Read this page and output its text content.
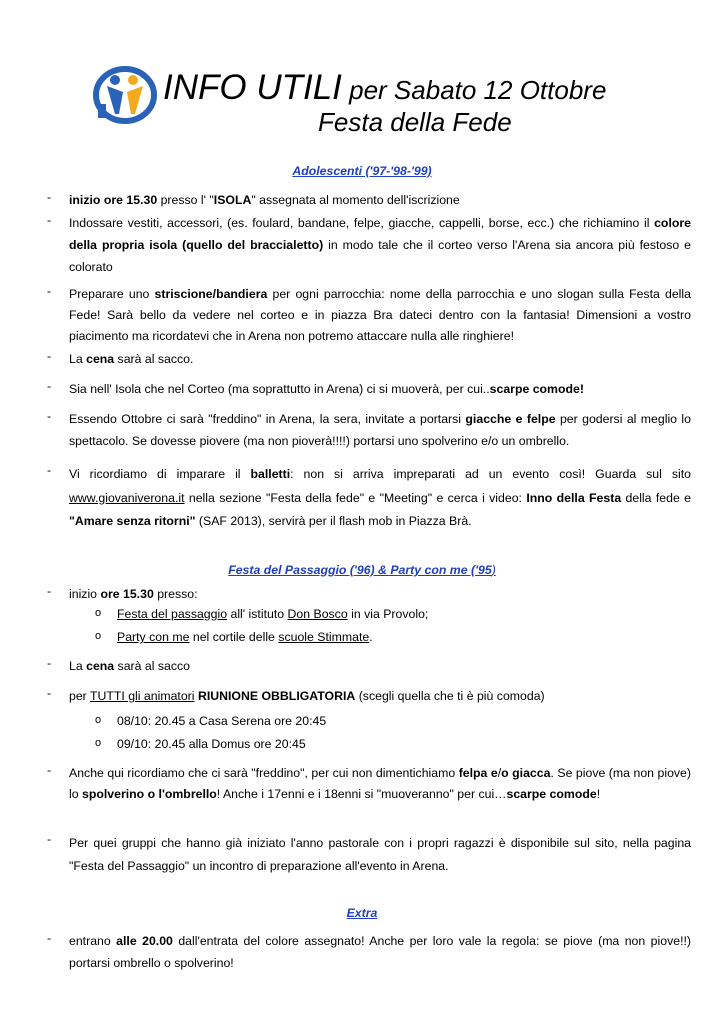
INFO UTILI per Sabato 12 Ottobre
Festa della Fede
Adolescenti ('97-'98-'99)
- inizio ore 15.30 presso l' "ISOLA" assegnata al momento dell'iscrizione
- Indossare vestiti, accessori, (es. foulard, bandane, felpe, giacche, cappelli, borse, ecc.) che richiamino il colore della propria isola (quello del braccialetto) in modo tale che il corteo verso l'Arena sia ancora più festoso e colorato
- Preparare uno striscione/bandiera per ogni parrocchia: nome della parrocchia e uno slogan sulla Festa della Fede! Sarà bello da vedere nel corteo e in piazza Bra dateci dentro con la fantasia! Dimensioni a vostro piacimento ma ricordatevi che in Arena non potremo attaccare nulla alle ringhiere!
- La cena sarà al sacco.
- Sia nell' Isola che nel Corteo (ma soprattutto in Arena) ci si muoverà, per cui..scarpe comode!
- Essendo Ottobre ci sarà "freddino" in Arena, la sera, invitate a portarsi giacche e felpe per godersi al meglio lo spettacolo. Se dovesse piovere (ma non pioverà!!!!) portarsi uno spolverino e/o un ombrello.
- Vi ricordiamo di imparare il balletti: non si arriva impreparati ad un evento così! Guarda sul sito www.giovaniverona.it nella sezione "Festa della fede" e "Meeting" e cerca i video: Inno della Festa della fede e "Amare senza ritorni" (SAF 2013), servirà per il flash mob in Piazza Brà.
Festa del Passaggio ('96) & Party con me ('95)
- inizio ore 15.30 presso:
o Festa del passaggio all' istituto Don Bosco in via Provolo;
o Party con me nel cortile delle scuole Stimmate.
- La cena sarà al sacco
- per TUTTI gli animatori RIUNIONE OBBLIGATORIA (scegli quella che ti è più comoda)
o 08/10: 20.45 a Casa Serena ore 20:45
o 09/10: 20.45 alla Domus ore 20:45
- Anche qui ricordiamo che ci sarà "freddino", per cui non dimentichiamo felpa e/o giacca. Se piove (ma non piove) lo spolverino o l'ombrello! Anche i 17enni e i 18enni si "muoveranno" per cui…scarpe comode!
- Per quei gruppi che hanno già iniziato l'anno pastorale con i propri ragazzi è disponibile sul sito, nella pagina "Festa del Passaggio" un incontro di preparazione all'evento in Arena.
Extra
- entrano alle 20.00 dall'entrata del colore assegnato! Anche per loro vale la regola: se piove (ma non piove!!) portarsi ombrello o spolverino!
